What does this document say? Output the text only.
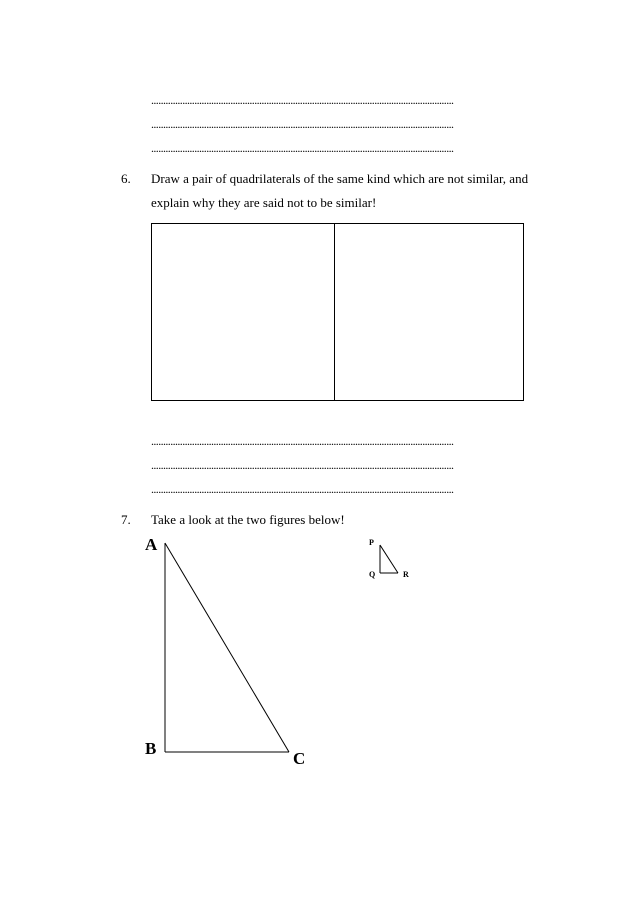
..............................................................................................................................
..............................................................................................................................
..............................................................................................................................
6. Draw a pair of quadrilaterals of the same kind which are not similar, and
explain why they are said not to be similar!
..............................................................................................................................
..............................................................................................................................
..............................................................................................................................
7. Take a look at the two figures below!
A
B
C
P
Q	R
